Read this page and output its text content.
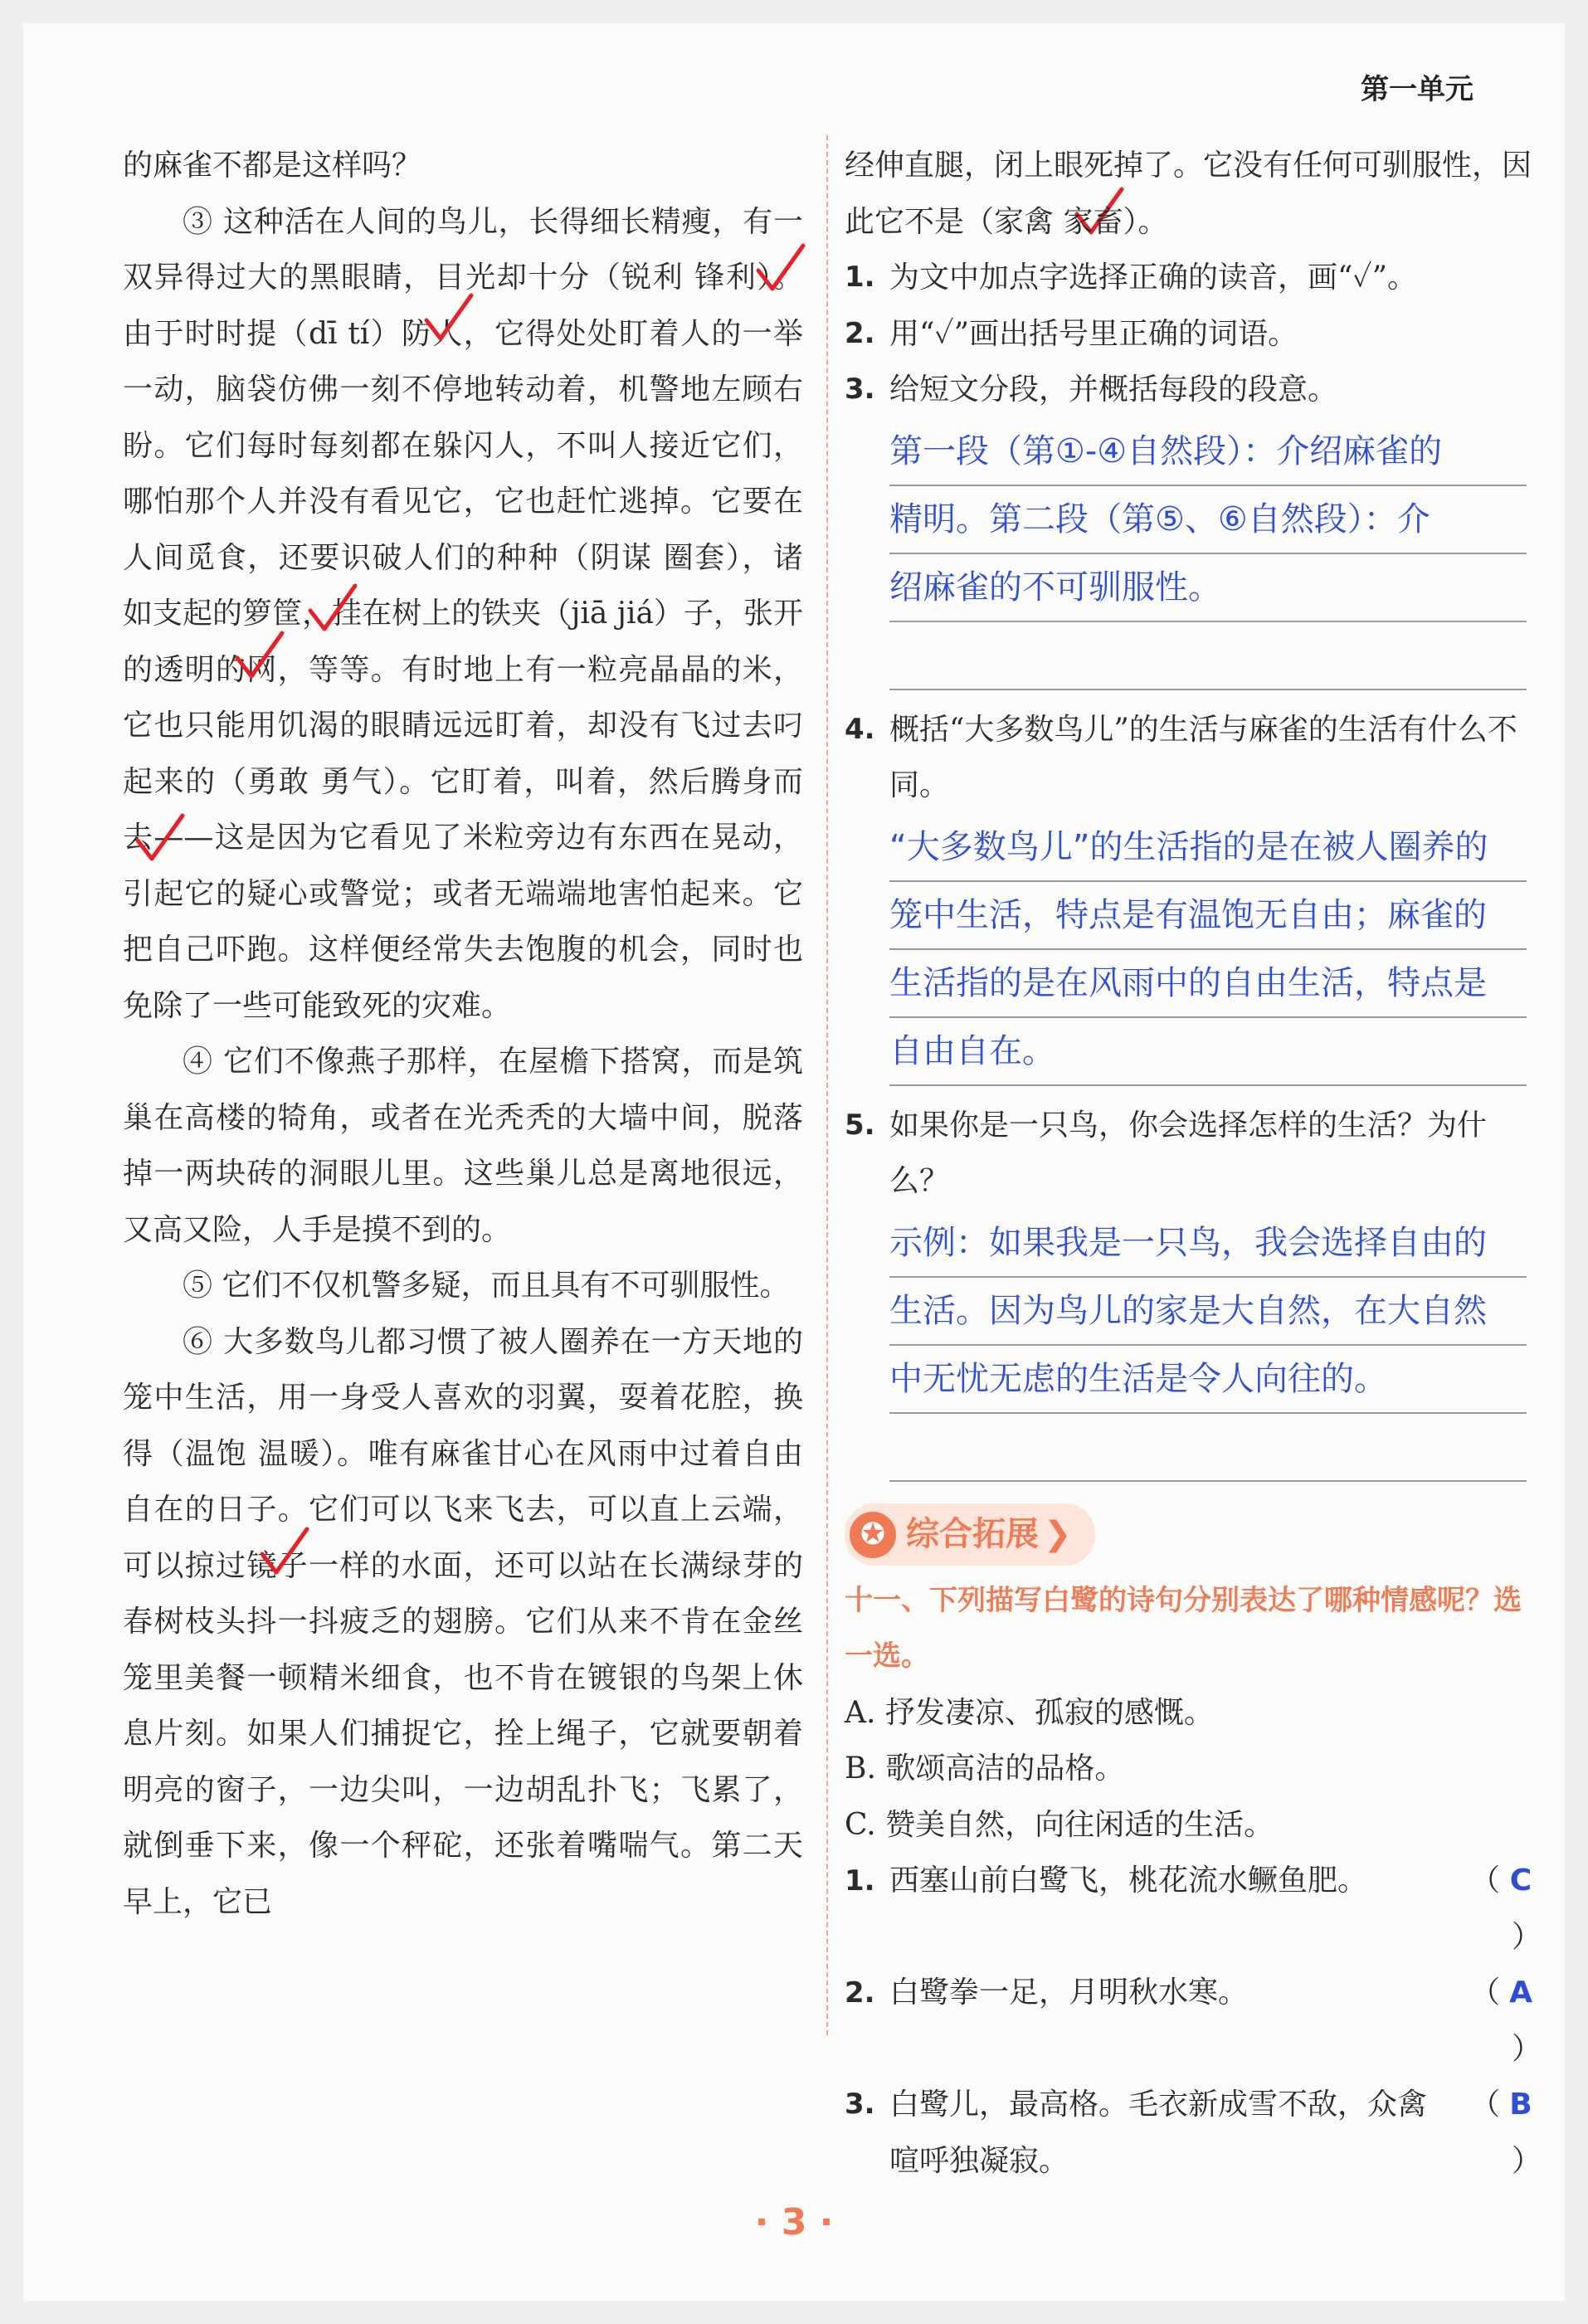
第一单元

的麻雀不都是这样吗？

③ 这种活在人间的鸟儿，长得细长精瘦，有一双异得过大的黑眼睛，目光却十分（锐利 锋利）。由于时时提（dī tí）防人，它得处处盯着人的一举一动，脑袋仿佛一刻不停地转动着，机警地左顾右盼。它们每时每刻都在躲闪人，不叫人接近它们，哪怕那个人并没有看见它，它也赶忙逃掉。它要在人间觅食，还要识破人们的种种（阴谋 圈套），诸如支起的箩筐，挂在树上的铁夹（jiā jiá）子，张开的透明的网，等等。有时地上有一粒亮晶晶的米，它也只能用饥渴的眼睛远远盯着，却没有飞过去叼起来的（勇敢 勇气）。它盯着，叫着，然后腾身而去——这是因为它看见了米粒旁边有东西在晃动，引起它的疑心或警觉；或者无端端地害怕起来。它把自己吓跑。这样便经常失去饱腹的机会，同时也免除了一些可能致死的灾难。

④ 它们不像燕子那样，在屋檐下搭窝，而是筑巢在高楼的犄角，或者在光秃秃的大墙中间，脱落掉一两块砖的洞眼儿里。这些巢儿总是离地很远，又高又险，人手是摸不到的。

⑤ 它们不仅机警多疑，而且具有不可驯服性。

⑥ 大多数鸟儿都习惯了被人圈养在一方天地的笼中生活，用一身受人喜欢的羽翼，耍着花腔，换得（温饱 温暖）。唯有麻雀甘心在风雨中过着自由自在的日子。它们可以飞来飞去，可以直上云端，可以掠过镜子一样的水面，还可以站在长满绿芽的春树枝头抖一抖疲乏的翅膀。它们从来不肯在金丝笼里美餐一顿精米细食，也不肯在镀银的鸟架上休息片刻。如果人们捕捉它，拴上绳子，它就要朝着明亮的窗子，一边尖叫，一边胡乱扑飞；飞累了，就倒垂下来，像一个秤砣，还张着嘴喘气。第二天早上，它已

经伸直腿，闭上眼死掉了。它没有任何可驯服性，因此它不是（家禽 家畜）。

1. 为文中加点字选择正确的读音，画“✓”。
2. 用“✓”画出括号里正确的词语。
3. 给短文分段，并概括每段的段意。
第一段（第①-④自然段）：介绍麻雀的
精明。第二段（第⑤、⑥自然段）：介
绍麻雀的不可驯服性。
4. 概括“大多数鸟儿”的生活与麻雀的生活有什么不同。
“大多数鸟儿”的生活指的是在被人圈养的
笼中生活，特点是有温饱无自由；麻雀的
生活指的是在风雨中的自由生活，特点是
自由自在。
5. 如果你是一只鸟，你会选择怎样的生活？为什么？
示例：如果我是一只鸟，我会选择自由的
生活。因为鸟儿的家是大自然，在大自然
中无忧无虑的生活是令人向往的。
✪ 综合拓展 ❯

十一、下列描写白鹭的诗句分别表达了哪种情感呢？选一选。

A. 抒发凄凉、孤寂的感慨。

B. 歌颂高洁的品格。

C. 赞美自然，向往闲适的生活。

1. 西塞山前白鹭飞，桃花流水鳜鱼肥。	（ C）
2. 白鹭拳一足，月明秋水寒。	（ A）
3. 白鹭儿，最高格。毛衣新成雪不敌，众禽喧呼独凝寂。
（ B）
· 3 ·
